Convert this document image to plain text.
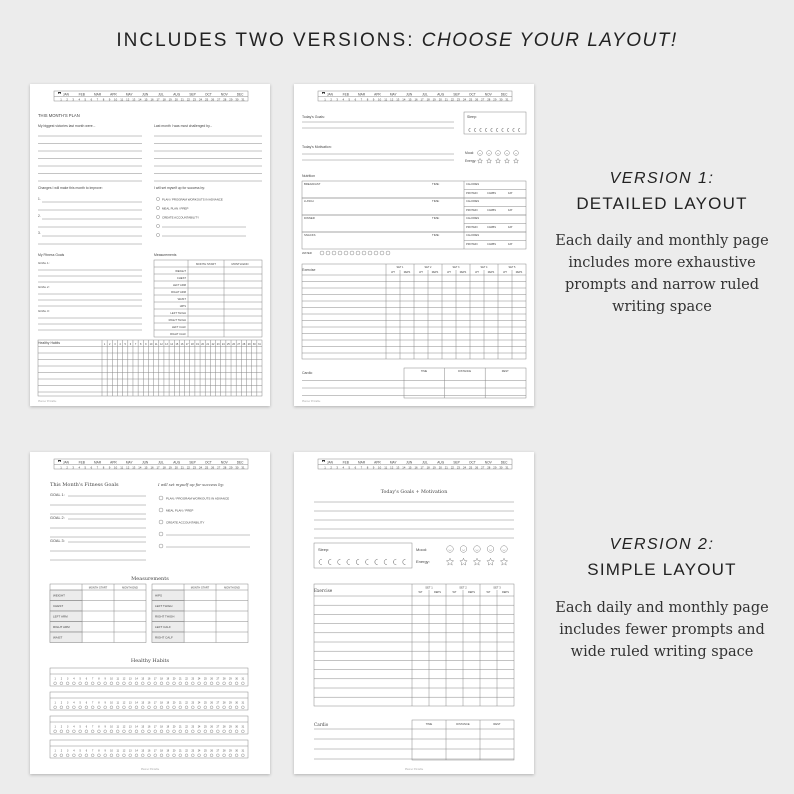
INCLUDES TWO VERSIONS: CHOOSE YOUR LAYOUT!
JAN	FEB	MAR	APR	MAY	JUN	JUL	AUG	SEP	OCT	NOV	DEC
1 2 3 4 5 6 7 8 9 10 11 12 13 14 15 16 17 18 19 20 21 22 23 24 25 26 27 28 29 30 31
THIS MONTH'S PLAN
My biggest victories last month were...	Last month I was most challenged by...
Changes I will make this month to improve:	I will set myself up for success by:
1.
2.
3.
PLAN / PROGRAM WORKOUTS IN ADVANCE
MEAL PLAN / PREP
CREATE ACCOUNTABILITY
My Fitness Goals
GOAL 1:
GOAL 2:
GOAL 3:
Measurements
MONTH START	MONTH END
WEIGHT
CHEST
LEFT ARM
RIGHT ARM
WAIST
HIPS
LEFT THIGH
RIGHT THIGH
LEFT CALF
RIGHT CALF
Healthy Habits	1 2 3 4 5 6 7 8 9 10 11 12 13 14 15 16 17 18 19 20 21 22 23 24 25 26 27 28 29 30 31
Planner Printable
JAN	FEB	MAR	APR	MAY	JUN	JUL	AUG	SEP	OCT	NOV	DEC
1 2 3 4 5 6 7 8 9 10 11 12 13 14 15 16 17 18 19 20 21 22 23 24 25 26 27 28 29 30 31
Today's Goals:	Sleep:
Today's Motivation:
Mood:
Energy:
Nutrition
BREAKFAST	TIME:	CALORIES
PROTEIN	CARBS	FAT
LUNCH	TIME:	CALORIES
PROTEIN	CARBS	FAT
DINNER	TIME:	CALORIES
PROTEIN	CARBS	FAT
SNACKS	TIME:	CALORIES
PROTEIN	CARBS	FAT
WATER
Exercise
SET 1
WT	REPS
SET 2
WT	REPS
SET 3
WT	REPS
SET 4
WT	REPS
SET 5
WT	REPS
Cardio	TIME	DISTANCE	REST
Planner Printable
JAN	FEB	MAR	APR	MAY	JUN	JUL	AUG	SEP	OCT	NOV	DEC
1 2 3 4 5 6 7 8 9 10 11 12 13 14 15 16 17 18 19 20 21 22 23 24 25 26 27 28 29 30 31
This Month's Fitness Goals
GOAL 1:
GOAL 2:
GOAL 3:
I will set myself up for success by:
PLAN / PROGRAM WORKOUTS IN ADVANCE
MEAL PLAN / PREP
CREATE ACCOUNTABILITY
Measurements
MONTH START	MONTH END
WEIGHT
CHEST
LEFT ARM
RIGHT ARM
WAIST
MONTH START	MONTH END
HIPS
LEFT THIGH
RIGHT THIGH
LEFT CALF
RIGHT CALF
Healthy Habits
1 2 3 4 5 6 7 8 9 10 11 12 13 14 15 16 17 18 19 20 21 22 23 24 25 26 27 28 29 30 31
1 2 3 4 5 6 7 8 9 10 11 12 13 14 15 16 17 18 19 20 21 22 23 24 25 26 27 28 29 30 31
1 2 3 4 5 6 7 8 9 10 11 12 13 14 15 16 17 18 19 20 21 22 23 24 25 26 27 28 29 30 31
1 2 3 4 5 6 7 8 9 10 11 12 13 14 15 16 17 18 19 20 21 22 23 24 25 26 27 28 29 30 31
Planner Printable
JAN	FEB	MAR	APR	MAY	JUN	JUL	AUG	SEP	OCT	NOV	DEC
1 2 3 4 5 6 7 8 9 10 11 12 13 14 15 16 17 18 19 20 21 22 23 24 25 26 27 28 29 30 31
Today's Goals + Motivation
Sleep:	Mood:
Energy:
Exercise	SET 1
WT	REPS
SET 2
WT	REPS
SET 3
WT	REPS
Cardio	TIME	DISTANCE	REST
Planner Printable
VERSION 1:
DETAILED LAYOUT
Each daily and monthly page includes more exhaustive prompts and narrow ruled writing space
VERSION 2:
SIMPLE LAYOUT
Each daily and monthly page includes fewer prompts and wide ruled writing space
